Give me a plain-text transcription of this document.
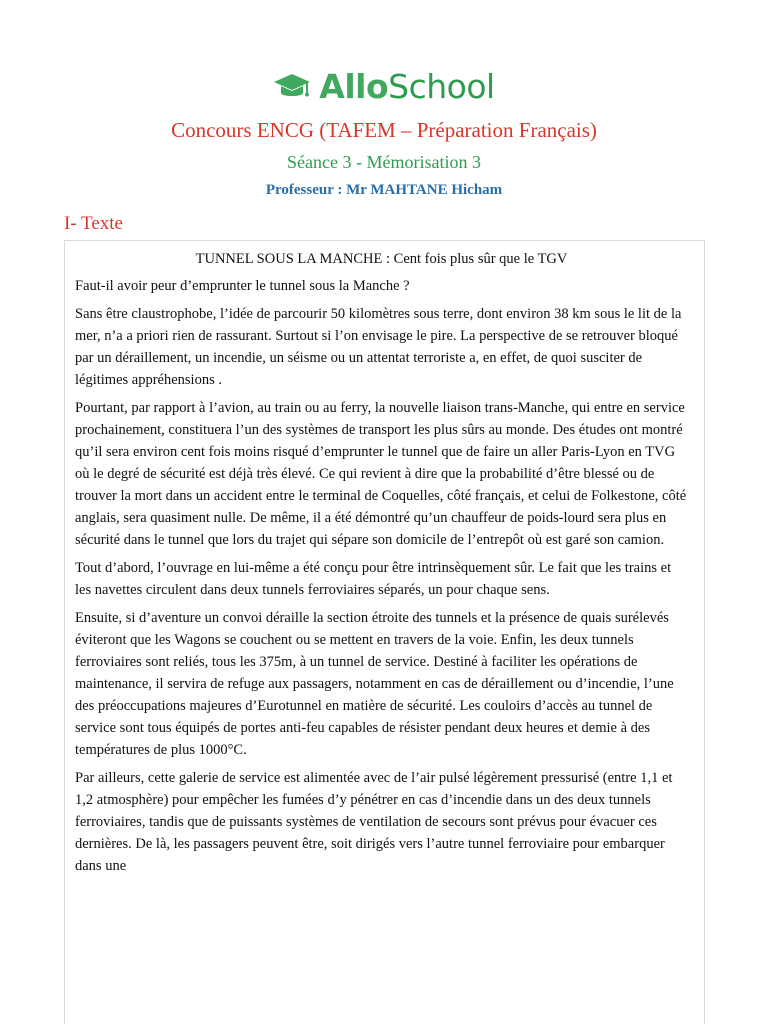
AlloSchool
Concours ENCG (TAFEM – Préparation Français)
Séance 3 - Mémorisation 3
Professeur : Mr MAHTANE Hicham
I- Texte
TUNNEL SOUS LA MANCHE : Cent fois plus sûr que le TGV

Faut-il avoir peur d’emprunter le tunnel sous la Manche ?

Sans être claustrophobe, l’idée de parcourir 50 kilomètres sous terre, dont environ 38 km sous le lit de la mer, n’a a priori rien de rassurant. Surtout si l’on envisage le pire. La perspective de se retrouver bloqué par un déraillement, un incendie, un séisme ou un attentat terroriste a, en effet, de quoi susciter de légitimes appréhensions .

Pourtant, par rapport à l’avion, au train ou au ferry, la nouvelle liaison trans-Manche, qui entre en service prochainement, constituera l’un des systèmes de transport les plus sûrs au monde. Des études ont montré qu’il sera environ cent fois moins risqué d’emprunter le tunnel que de faire un aller Paris-Lyon en TVG où le degré de sécurité est déjà très élevé. Ce qui revient à dire que la probabilité d’être blessé ou de trouver la mort dans un accident entre le terminal de Coquelles, côté français, et celui de Folkestone, côté anglais, sera quasiment nulle. De même, il a été démontré qu’un chauffeur de poids-lourd sera plus en sécurité dans le tunnel que lors du trajet qui sépare son domicile de l’entrepôt où est garé son camion.

Tout d’abord, l’ouvrage en lui-même a été conçu pour être intrinsèquement sûr. Le fait que les trains et les navettes circulent dans deux tunnels ferroviaires séparés, un pour chaque sens.

Ensuite, si d’aventure un convoi déraille la section étroite des tunnels et la présence de quais surélevés éviteront que les Wagons se couchent ou se mettent en travers de la voie. Enfin, les deux tunnels ferroviaires sont reliés, tous les 375m, à un tunnel de service. Destiné à faciliter les opérations de maintenance, il servira de refuge aux passagers, notamment en cas de déraillement ou d’incendie, l’une des préoccupations majeures d’Eurotunnel en matière de sécurité. Les couloirs d’accès au tunnel de service sont tous équipés de portes anti-feu capables de résister pendant deux heures et demie à des températures de plus 1000°C.

Par ailleurs, cette galerie de service est alimentée avec de l’air pulsé légèrement pressurisé (entre 1,1 et 1,2 atmosphère) pour empêcher les fumées d’y pénétrer en cas d’incendie dans un des deux tunnels ferroviaires, tandis que de puissants systèmes de ventilation de secours sont prévus pour évacuer ces dernières. De là, les passagers peuvent être, soit dirigés vers l’autre tunnel ferroviaire pour embarquer dans une
